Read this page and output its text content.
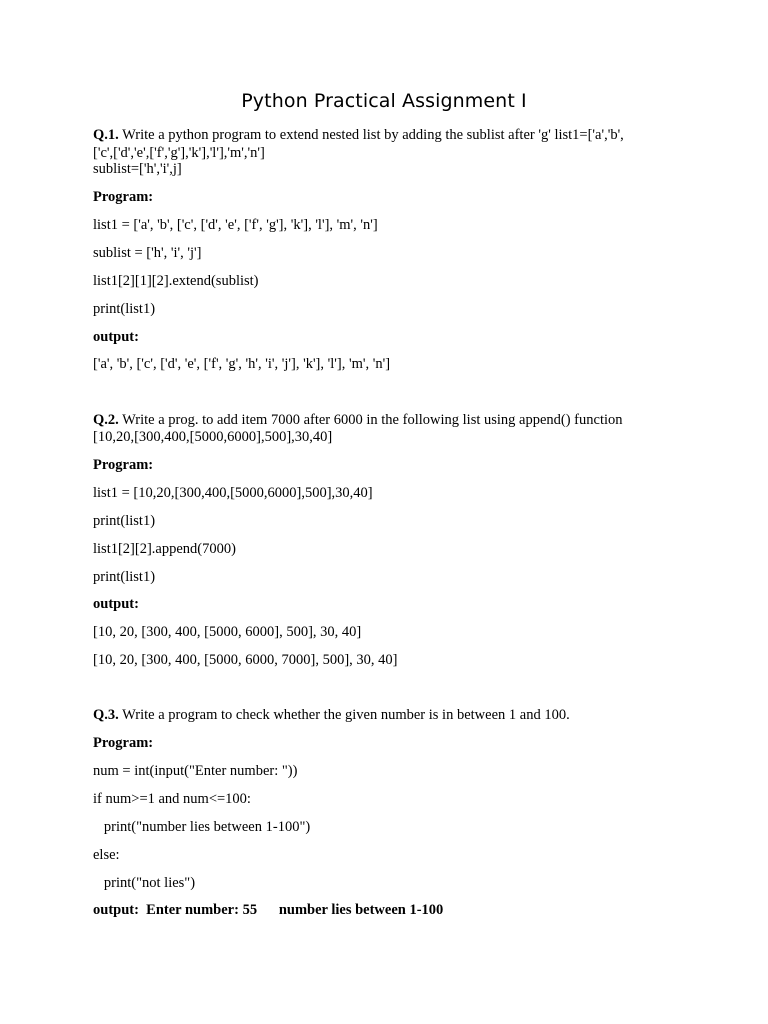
Python Practical Assignment I
Q.1. Write a python program to extend nested list by adding the sublist after 'g' list1=['a','b',
['c',['d','e',['f','g'],'k'],'l'],'m','n']
sublist=['h','i',j]
Program:
list1 = ['a', 'b', ['c', ['d', 'e', ['f', 'g'], 'k'], 'l'], 'm', 'n']
sublist = ['h', 'i', 'j']
list1[2][1][2].extend(sublist)
print(list1)
output:
['a', 'b', ['c', ['d', 'e', ['f', 'g', 'h', 'i', 'j'], 'k'], 'l'], 'm', 'n']
Q.2. Write a prog. to add item 7000 after 6000 in the following list using append() function
[10,20,[300,400,[5000,6000],500],30,40]
Program:
list1 = [10,20,[300,400,[5000,6000],500],30,40]
print(list1)
list1[2][2].append(7000)
print(list1)
output:
[10, 20, [300, 400, [5000, 6000], 500], 30, 40]
[10, 20, [300, 400, [5000, 6000, 7000], 500], 30, 40]
Q.3. Write a program to check whether the given number is in between 1 and 100.
Program:
num = int(input("Enter number: "))
if num>=1 and num<=100:
print("number lies between 1-100")
else:
print("not lies")
output:  Enter number: 55      number lies between 1-100
